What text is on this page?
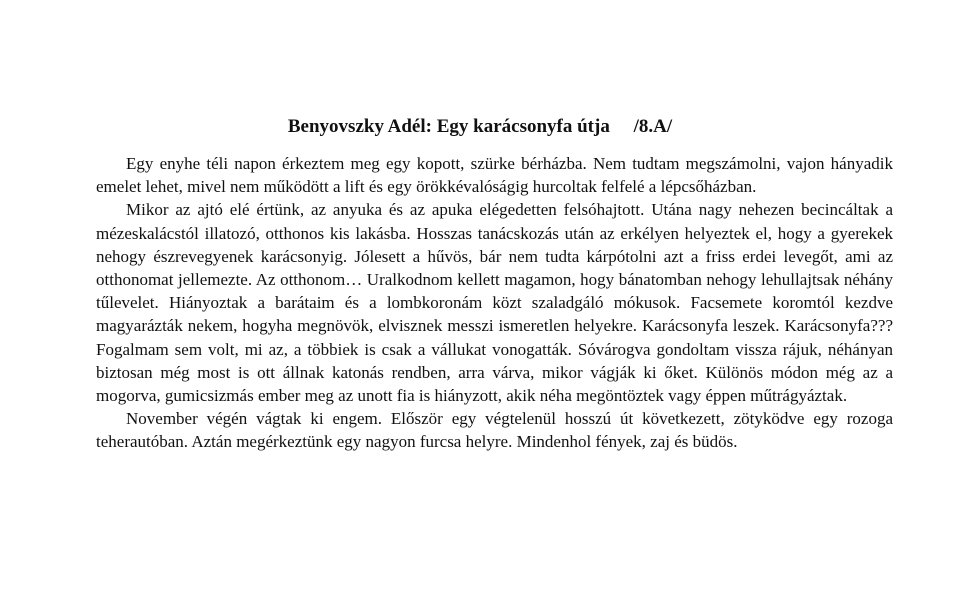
Benyovszky Adél: Egy karácsonyfa útja     /8.A/

Egy enyhe téli napon érkeztem meg egy kopott, szürke bérházba. Nem tudtam megszámolni, vajon hányadik emelet lehet, mivel nem működött a lift és egy örökkévalóságig hurcoltak felfelé a lépcsőházban.

Mikor az ajtó elé értünk, az anyuka és az apuka elégedetten felsóhajtott. Utána nagy nehezen becincáltak a mézeskalácstól illatozó, otthonos kis lakásba. Hosszas tanácskozás után az erkélyen helyeztek el, hogy a gyerekek nehogy észrevegyenek karácsonyig. Jólesett a hűvös, bár nem tudta kárpótolni azt a friss erdei levegőt, ami az otthonomat jellemezte. Az otthonom… Uralkodnom kellett magamon, hogy bánatomban nehogy lehullajtsak néhány tűlevelet. Hiányoztak a barátaim és a lombkoronám közt szaladgáló mókusok. Facsemete koromtól kezdve magyarázták nekem, hogyha megnövök, elvisznek messzi ismeretlen helyekre. Karácsonyfa leszek. Karácsonyfa??? Fogalmam sem volt, mi az, a többiek is csak a vállukat vonogatták. Sóvárogva gondoltam vissza rájuk, néhányan biztosan még most is ott állnak katonás rendben, arra várva, mikor vágják ki őket. Különös módon még az a mogorva, gumicsizmás ember meg az unott fia is hiányzott, akik néha megöntöztek vagy éppen műtrágyáztak.

November végén vágtak ki engem. Először egy végtelenül hosszú út következett, zötyködve egy rozoga teherautóban. Aztán megérkeztünk egy nagyon furcsa helyre. Mindenhol fények, zaj és büdös.
